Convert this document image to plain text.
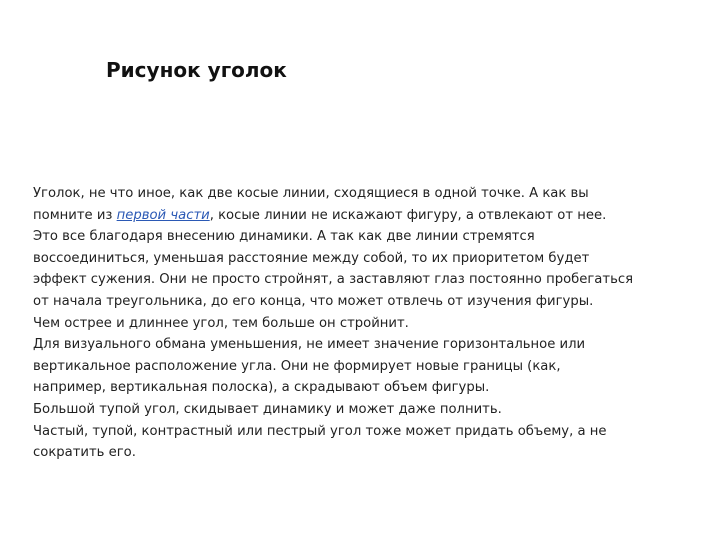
Рисунок уголок
Уголок, не что иное, как две косые линии, сходящиеся в одной точке. А как вы
помните из первой части, косые линии не искажают фигуру, а отвлекают от нее.
Это все благодаря внесению динамики. А так как две линии стремятся
воссоединиться, уменьшая расстояние между собой, то их приоритетом будет
эффект сужения. Они не просто стройнят, а заставляют глаз постоянно пробегаться
от начала треугольника, до его конца, что может отвлечь от изучения фигуры.
Чем острее и длиннее угол, тем больше он стройнит.
Для визуального обмана уменьшения, не имеет значение горизонтальное или
вертикальное расположение угла. Они не формирует новые границы (как,
например, вертикальная полоска), а скрадывают объем фигуры.
Большой тупой угол, скидывает динамику и может даже полнить.
Частый, тупой, контрастный или пестрый угол тоже может придать объему, а не
сократить его.
